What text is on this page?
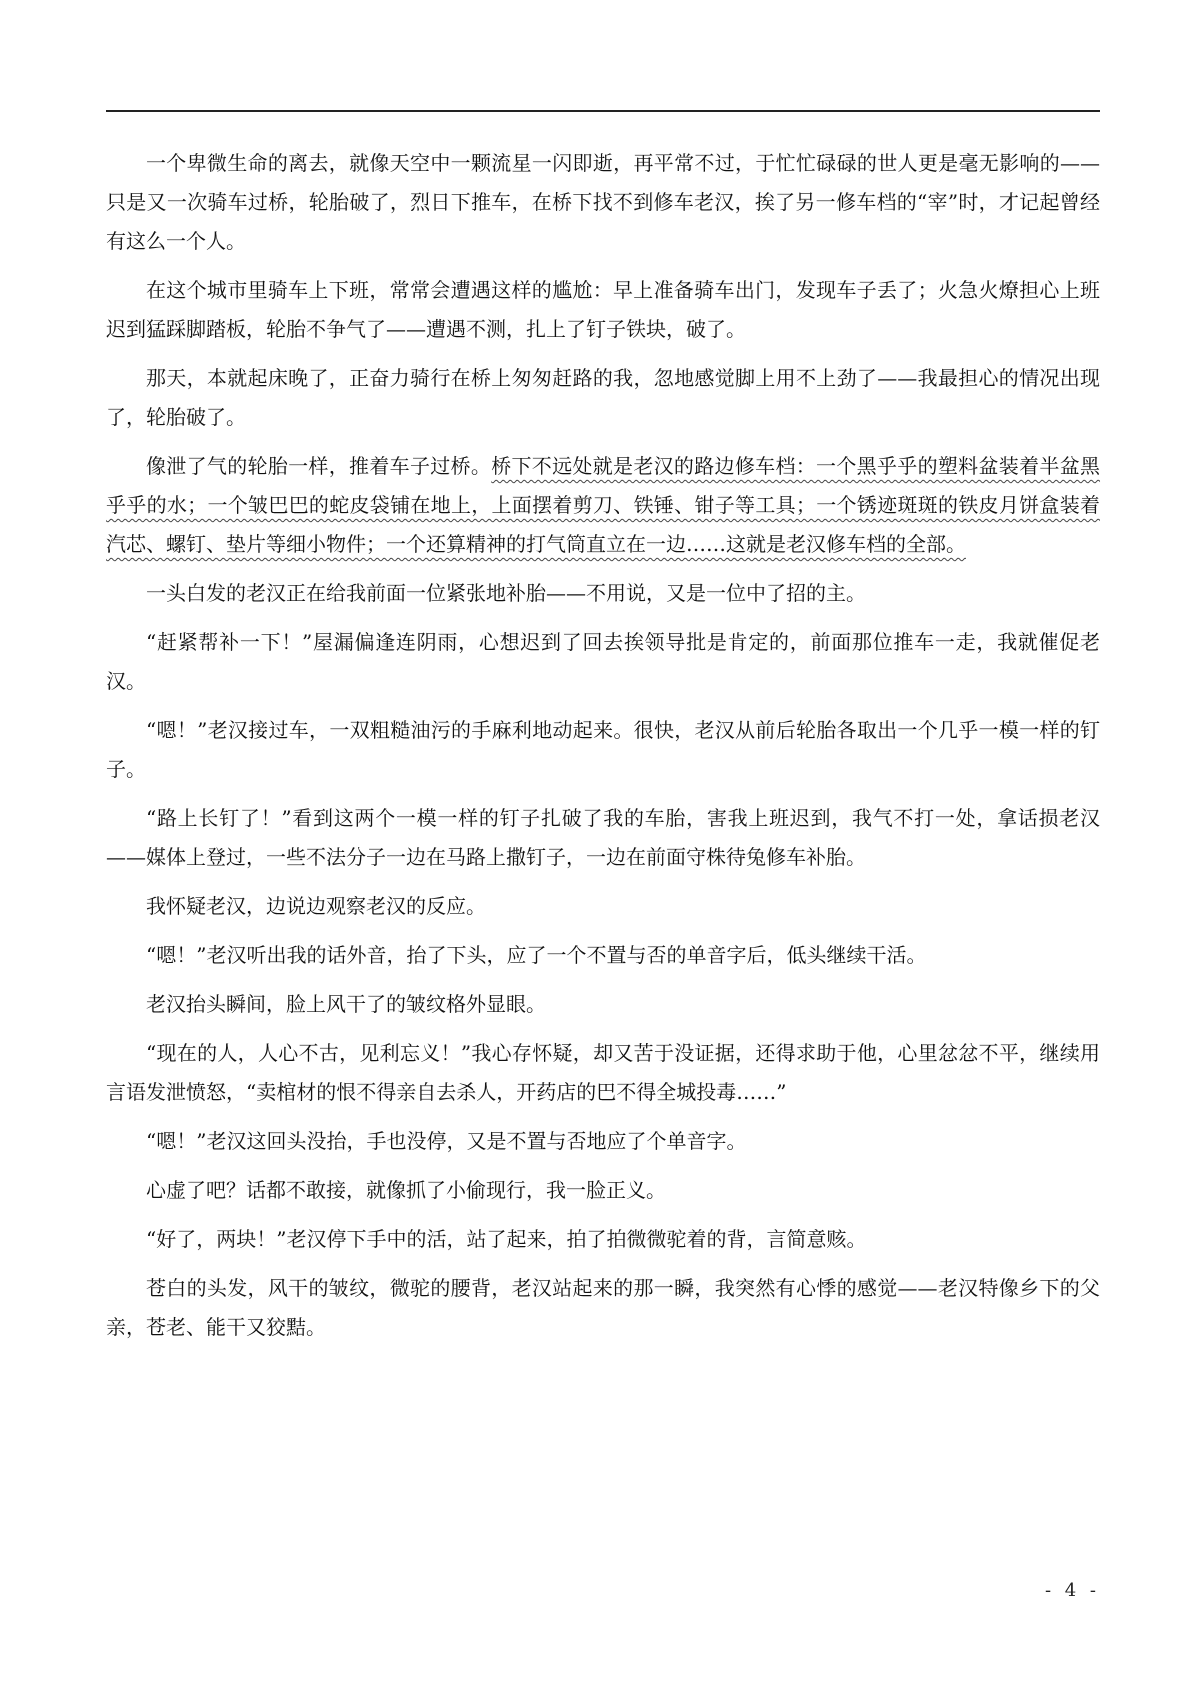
一个卑微生命的离去，就像天空中一颗流星一闪即逝，再平常不过，于忙忙碌碌的世人更是毫无影响的——只是又一次骑车过桥，轮胎破了，烈日下推车，在桥下找不到修车老汉，挨了另一修车档的“宰”时，才记起曾经有这么一个人。

在这个城市里骑车上下班，常常会遭遇这样的尴尬：早上准备骑车出门，发现车子丢了；火急火燎担心上班迟到猛踩脚踏板，轮胎不争气了——遭遇不测，扎上了钉子铁块，破了。

那天，本就起床晚了，正奋力骑行在桥上匆匆赶路的我，忽地感觉脚上用不上劲了——我最担心的情况出现了，轮胎破了。

像泄了气的轮胎一样，推着车子过桥。桥下不远处就是老汉的路边修车档：一个黑乎乎的塑料盆装着半盆黑乎乎的水；一个皱巴巴的蛇皮袋铺在地上，上面摆着剪刀、铁锤、钳子等工具；一个锈迹斑斑的铁皮月饼盒装着汽芯、螺钉、垫片等细小物件；一个还算精神的打气筒直立在一边……这就是老汉修车档的全部。

一头白发的老汉正在给我前面一位紧张地补胎——不用说，又是一位中了招的主。

“赶紧帮补一下！”屋漏偏逢连阴雨，心想迟到了回去挨领导批是肯定的，前面那位推车一走，我就催促老汉。

“嗯！”老汉接过车，一双粗糙油污的手麻利地动起来。很快，老汉从前后轮胎各取出一个几乎一模一样的钉子。

“路上长钉了！”看到这两个一模一样的钉子扎破了我的车胎，害我上班迟到，我气不打一处，拿话损老汉——媒体上登过，一些不法分子一边在马路上撒钉子，一边在前面守株待兔修车补胎。

我怀疑老汉，边说边观察老汉的反应。

“嗯！”老汉听出我的话外音，抬了下头，应了一个不置与否的单音字后，低头继续干活。

老汉抬头瞬间，脸上风干了的皱纹格外显眼。

“现在的人，人心不古，见利忘义！”我心存怀疑，却又苦于没证据，还得求助于他，心里忿忿不平，继续用言语发泄愤怒，“卖棺材的恨不得亲自去杀人，开药店的巴不得全城投毒……”

“嗯！”老汉这回头没抬，手也没停，又是不置与否地应了个单音字。

心虚了吧？话都不敢接，就像抓了小偷现行，我一脸正义。

“好了，两块！”老汉停下手中的活，站了起来，拍了拍微微驼着的背，言简意赅。

苍白的头发，风干的皱纹，微驼的腰背，老汉站起来的那一瞬，我突然有心悸的感觉——老汉特像乡下的父亲，苍老、能干又狡黠。

- 4 -
